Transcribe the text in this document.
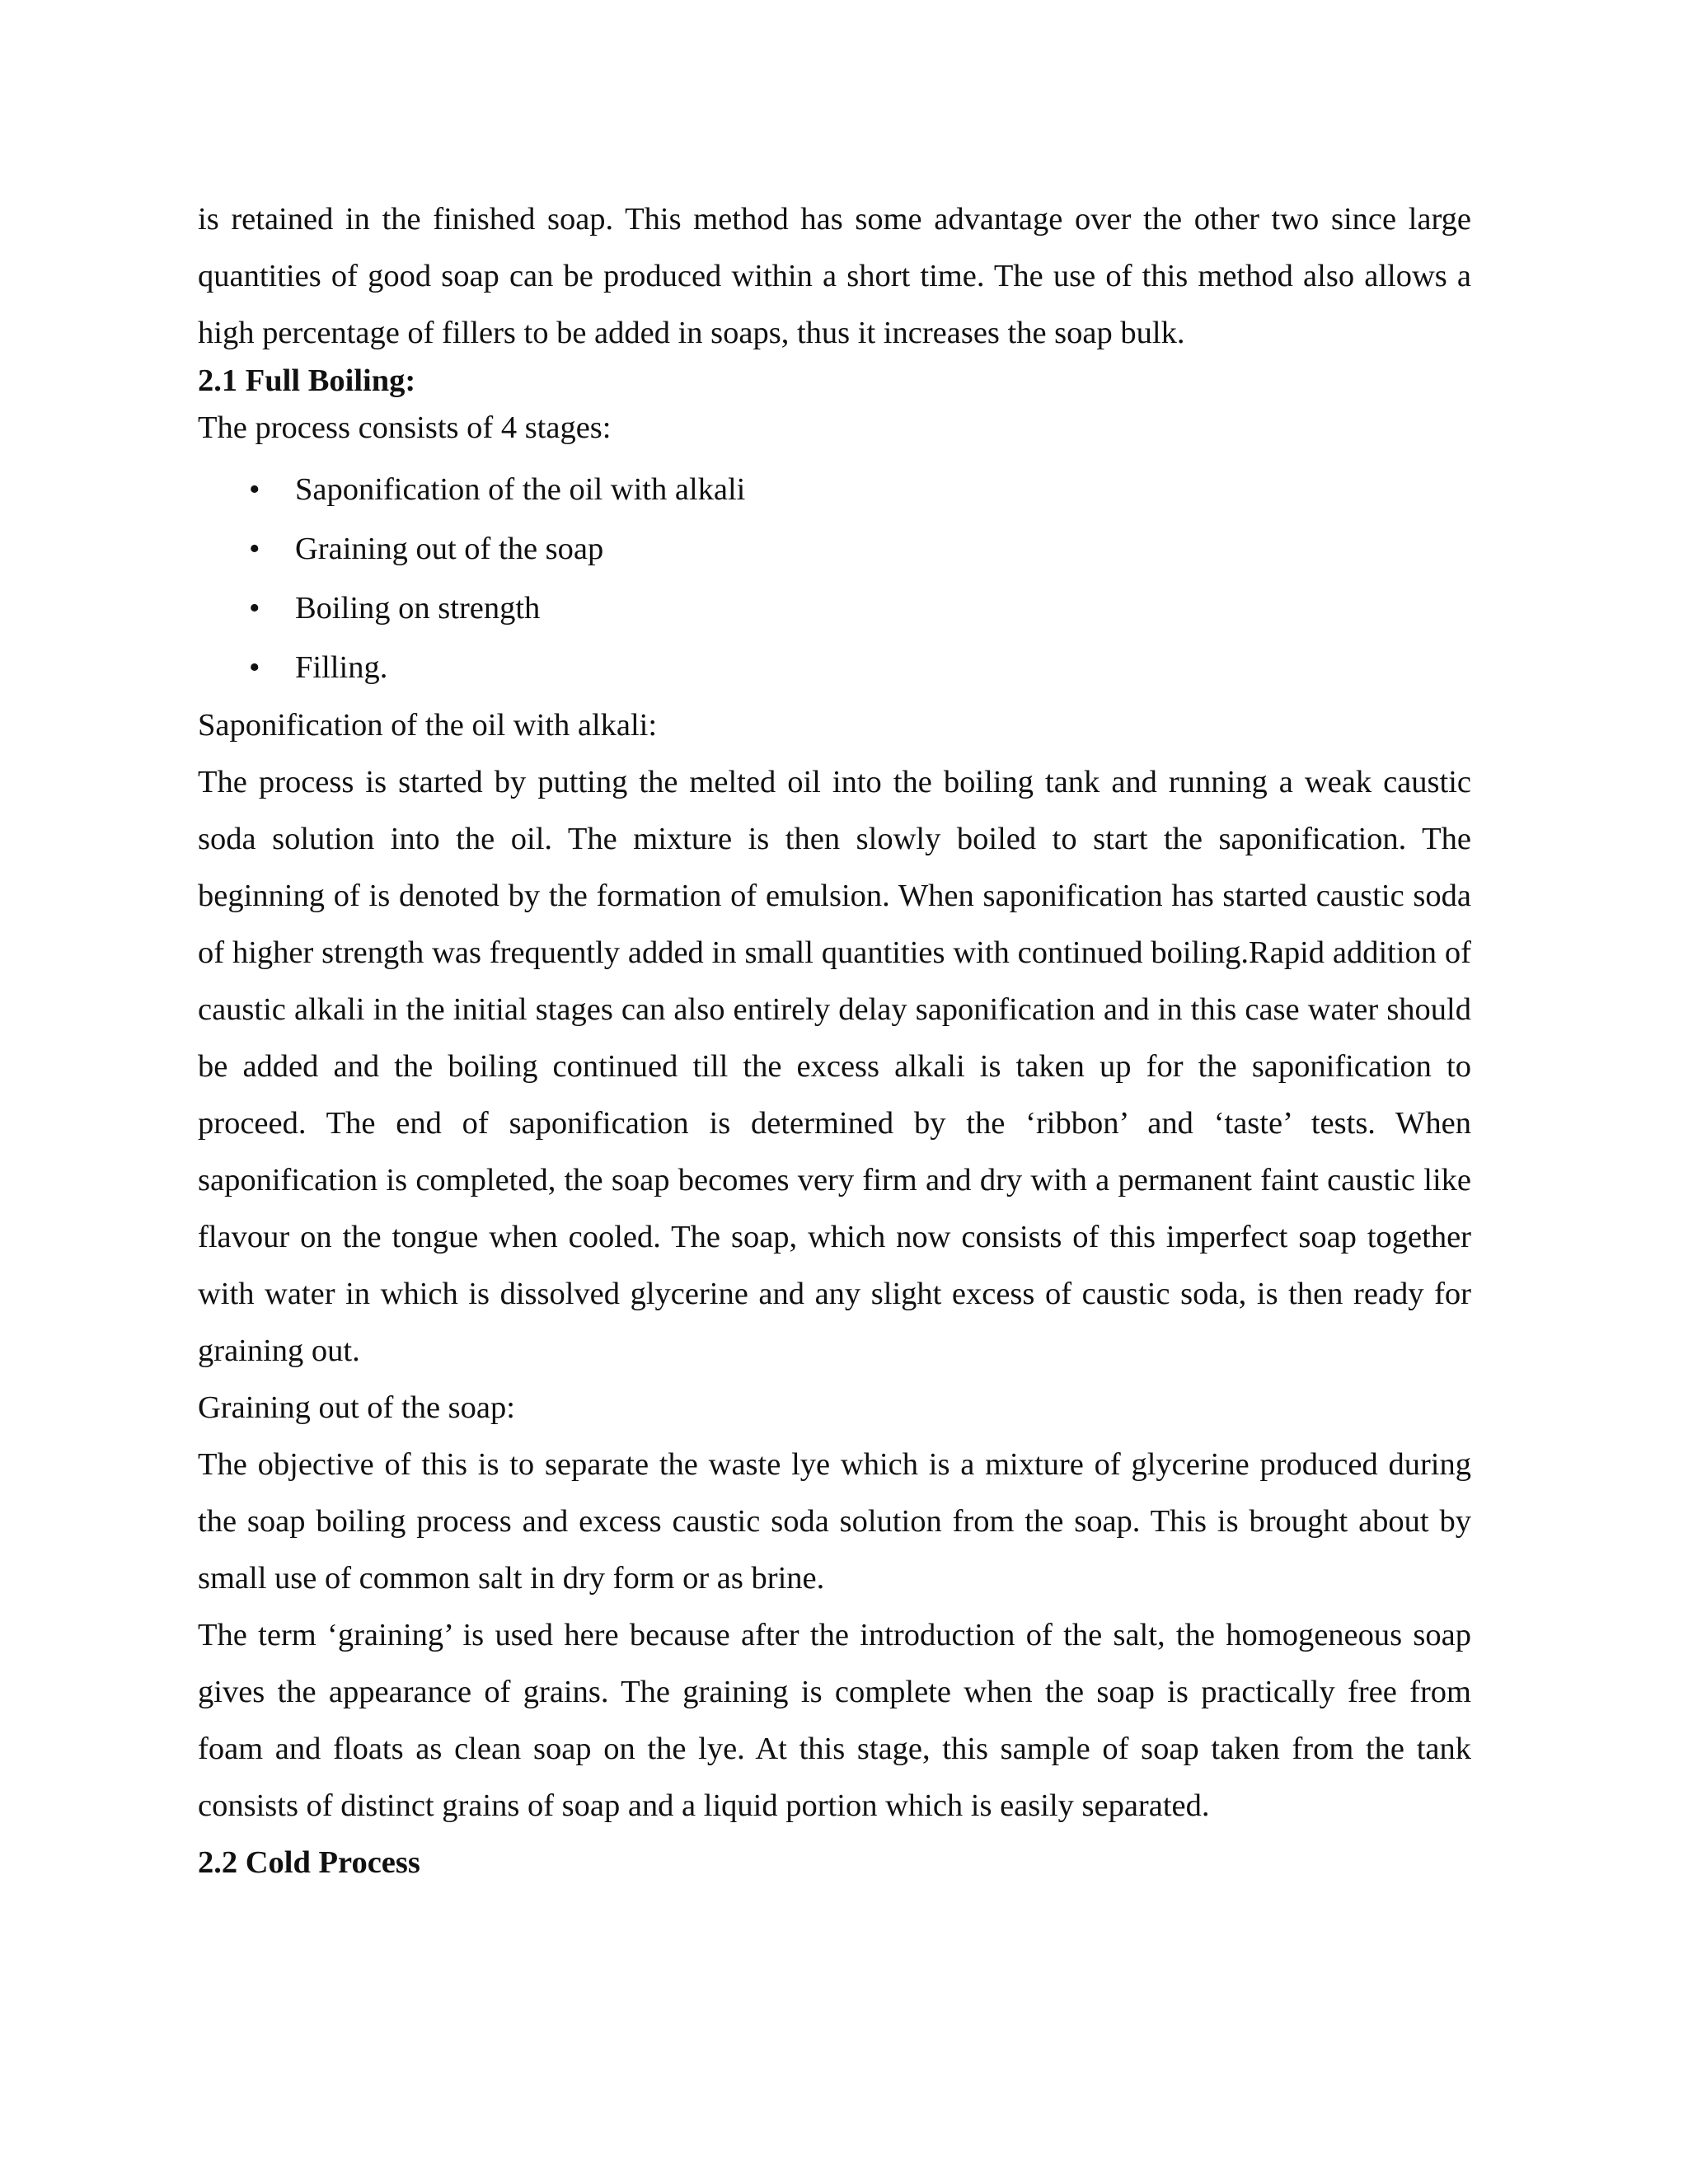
is retained in the finished soap. This method has some advantage over the other two since large quantities of good soap can be produced within a short time. The use of this method also allows a high percentage of fillers to be added in soaps, thus it increases the soap bulk.

2.1 Full Boiling:

The process consists of 4 stages:

• Saponification of the oil with alkali
• Graining out of the soap
• Boiling on strength
• Filling.

Saponification of the oil with alkali:

The process is started by putting the melted oil into the boiling tank and running a weak caustic soda solution into the oil. The mixture is then slowly boiled to start the saponification. The beginning of is denoted by the formation of emulsion. When saponification has started caustic soda of higher strength was frequently added in small quantities with continued boiling.Rapid addition of caustic alkali in the initial stages can also entirely delay saponification and in this case water should be added and the boiling continued till the excess alkali is taken up for the saponification to proceed. The end of saponification is determined by the ‘ribbon’ and ‘taste’ tests. When saponification is completed, the soap becomes very firm and dry with a permanent faint caustic like flavour on the tongue when cooled. The soap, which now consists of this imperfect soap together with water in which is dissolved glycerine and any slight excess of caustic soda, is then ready for graining out.

Graining out of the soap:

The objective of this is to separate the waste lye which is a mixture of glycerine produced during the soap boiling process and excess caustic soda solution from the soap. This is brought about by small use of common salt in dry form or as brine.

The term ‘graining’ is used here because after the introduction of the salt, the homogeneous soap gives the appearance of grains. The graining is complete when the soap is practically free from foam and floats as clean soap on the lye. At this stage, this sample of soap taken from the tank consists of distinct grains of soap and a liquid portion which is easily separated.

2.2 Cold Process
